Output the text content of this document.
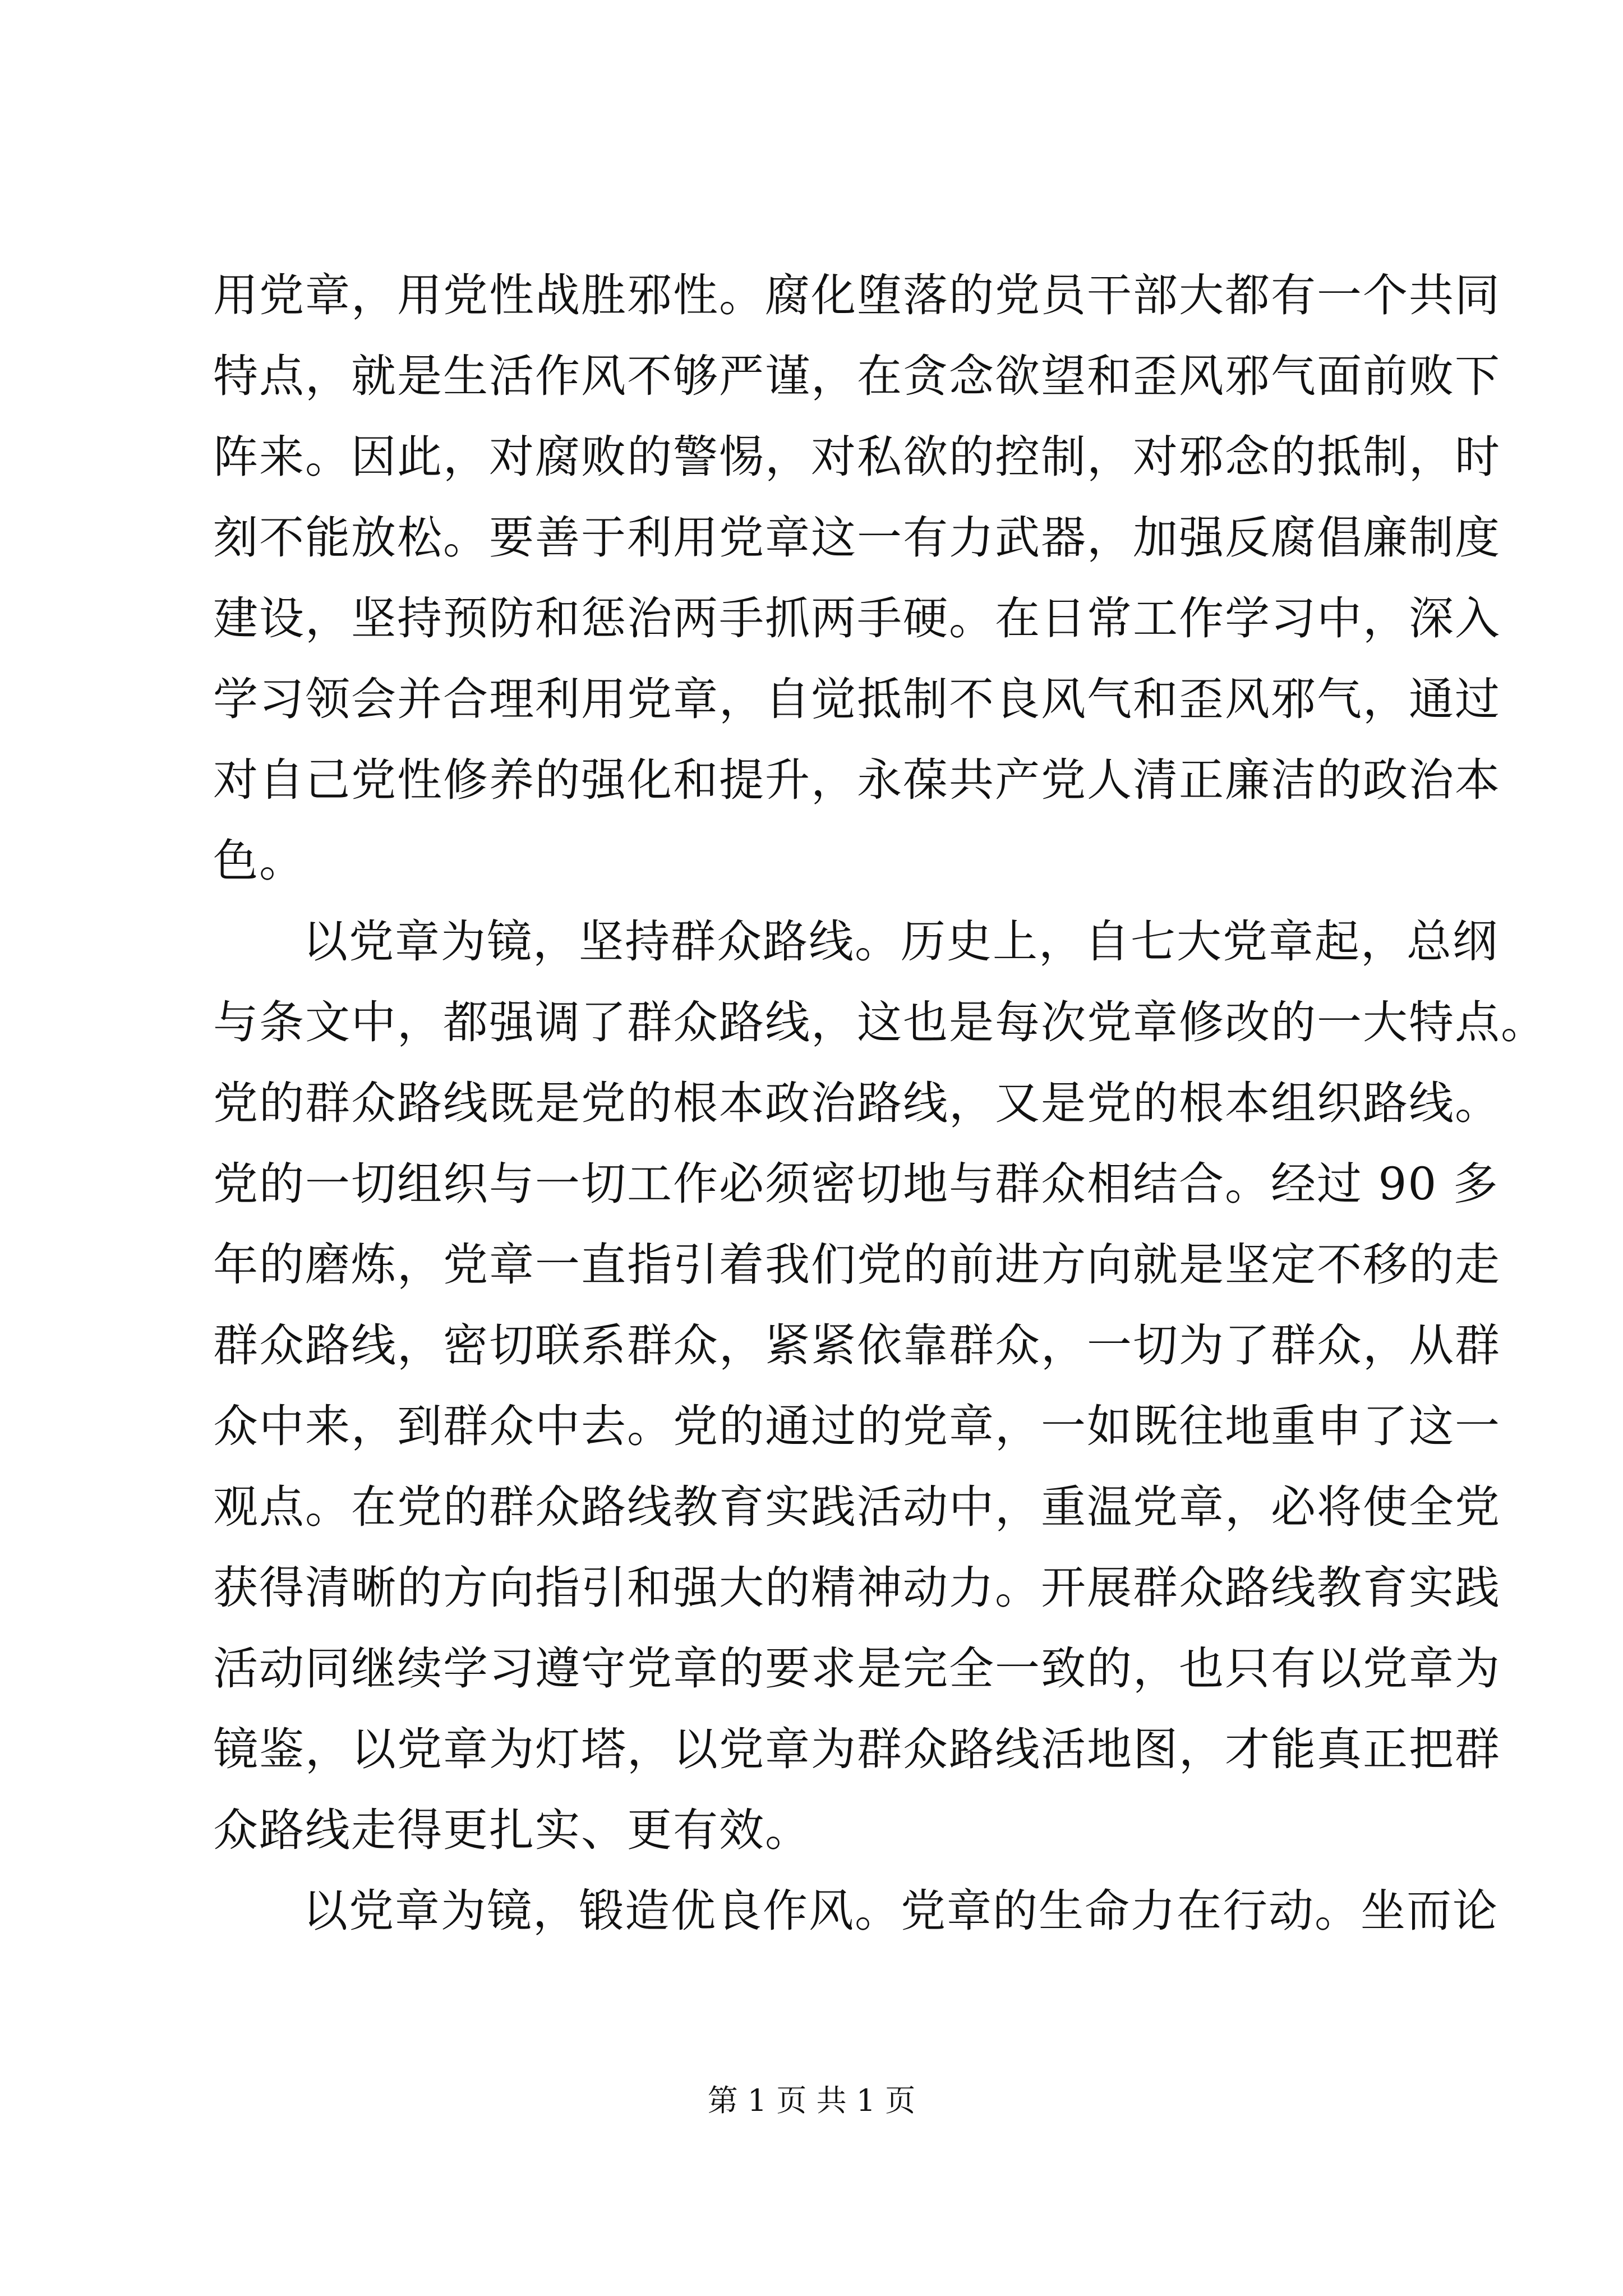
用党章，用党性战胜邪性。腐化堕落的党员干部大都有一个共同
特点，就是生活作风不够严谨，在贪念欲望和歪风邪气面前败下
阵来。因此，对腐败的警惕，对私欲的控制，对邪念的抵制，时
刻不能放松。要善于利用党章这一有力武器，加强反腐倡廉制度
建设，坚持预防和惩治两手抓两手硬。在日常工作学习中，深入
学习领会并合理利用党章，自觉抵制不良风气和歪风邪气，通过
对自己党性修养的强化和提升，永葆共产党人清正廉洁的政治本
色。
以党章为镜，坚持群众路线。历史上，自七大党章起，总纲
与条文中，都强调了群众路线，这也是每次党章修改的一大特点。
党的群众路线既是党的根本政治路线，又是党的根本组织路线。
党的一切组织与一切工作必须密切地与群众相结合。经过 90 多
年的磨炼，党章一直指引着我们党的前进方向就是坚定不移的走
群众路线，密切联系群众，紧紧依靠群众，一切为了群众，从群
众中来，到群众中去。党的通过的党章，一如既往地重申了这一
观点。在党的群众路线教育实践活动中，重温党章，必将使全党
获得清晰的方向指引和强大的精神动力。开展群众路线教育实践
活动同继续学习遵守党章的要求是完全一致的，也只有以党章为
镜鉴，以党章为灯塔，以党章为群众路线活地图，才能真正把群
众路线走得更扎实、更有效。
以党章为镜，锻造优良作风。党章的生命力在行动。坐而论
第 1 页 共 1 页
